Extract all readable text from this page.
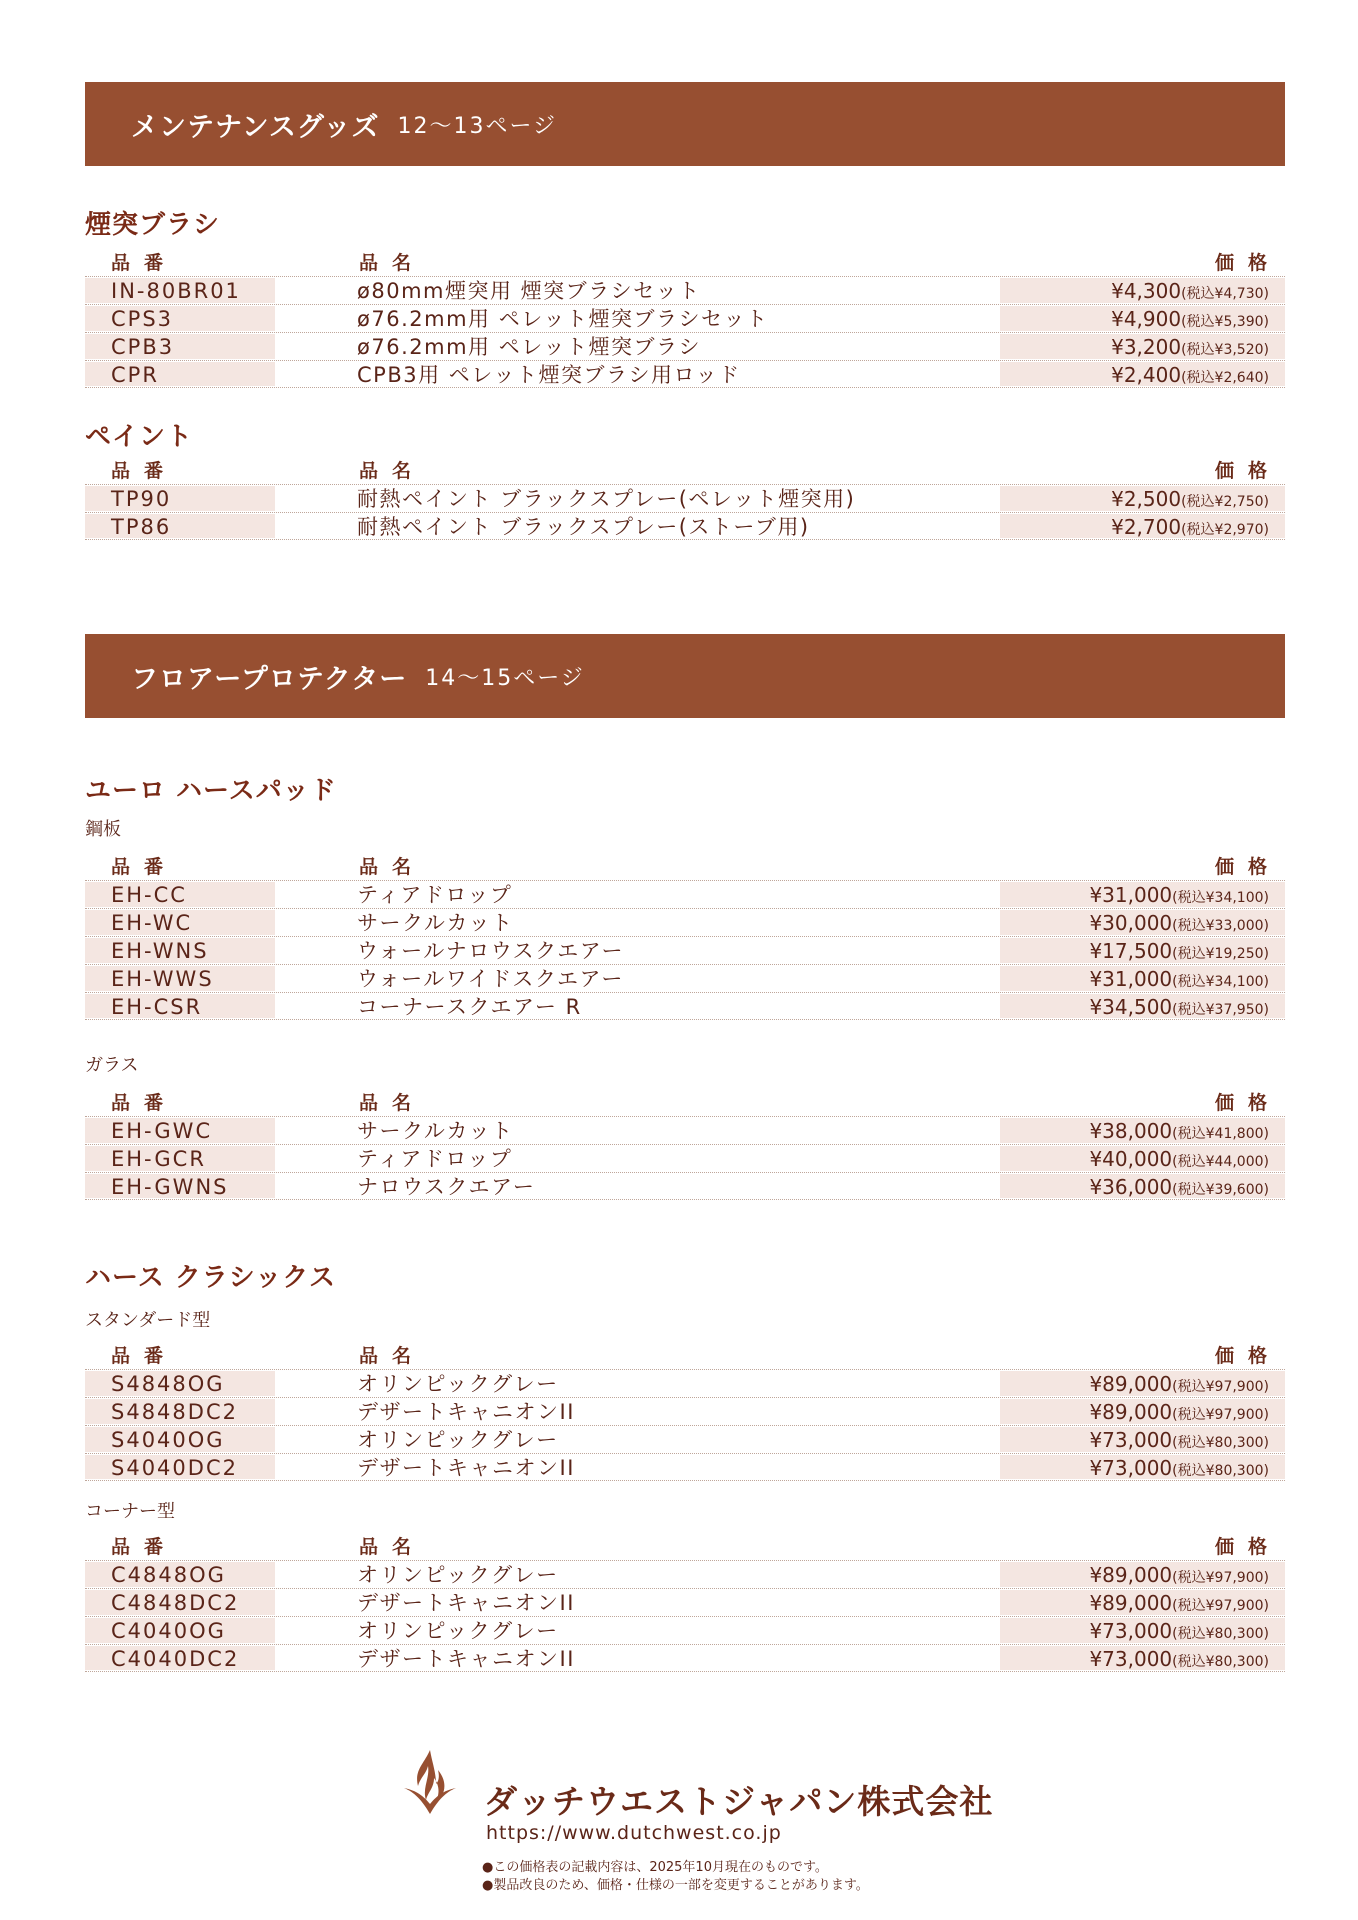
メンテナンスグッズ 12〜13ページ
煙突ブラシ
品番	品名	価格
IN-80BR01	ø80mm煙突用 煙突ブラシセット	¥4,300(税込¥4,730)
CPS3	ø76.2mm用 ペレット煙突ブラシセット	¥4,900(税込¥5,390)
CPB3	ø76.2mm用 ペレット煙突ブラシ	¥3,200(税込¥3,520)
CPR	CPB3用 ペレット煙突ブラシ用ロッド	¥2,400(税込¥2,640)
ペイント
品番	品名	価格
TP90	耐熱ペイント ブラックスプレー(ペレット煙突用)	¥2,500(税込¥2,750)
TP86	耐熱ペイント ブラックスプレー(ストーブ用)	¥2,700(税込¥2,970)
フロアープロテクター 14〜15ページ
ユーロ ハースパッド
鋼板
品番	品名	価格
EH-CC	ティアドロップ	¥31,000(税込¥34,100)
EH-WC	サークルカット	¥30,000(税込¥33,000)
EH-WNS	ウォールナロウスクエアー	¥17,500(税込¥19,250)
EH-WWS	ウォールワイドスクエアー	¥31,000(税込¥34,100)
EH-CSR	コーナースクエアー R	¥34,500(税込¥37,950)
ガラス
品番	品名	価格
EH-GWC	サークルカット	¥38,000(税込¥41,800)
EH-GCR	ティアドロップ	¥40,000(税込¥44,000)
EH-GWNS	ナロウスクエアー	¥36,000(税込¥39,600)
ハース クラシックス
スタンダード型
品番	品名	価格
S4848OG	オリンピックグレー	¥89,000(税込¥97,900)
S4848DC2	デザートキャニオンII	¥89,000(税込¥97,900)
S4040OG	オリンピックグレー	¥73,000(税込¥80,300)
S4040DC2	デザートキャニオンII	¥73,000(税込¥80,300)
コーナー型
品番	品名	価格
C4848OG	オリンピックグレー	¥89,000(税込¥97,900)
C4848DC2	デザートキャニオンII	¥89,000(税込¥97,900)
C4040OG	オリンピックグレー	¥73,000(税込¥80,300)
C4040DC2	デザートキャニオンII	¥73,000(税込¥80,300)
ダッチウエストジャパン株式会社
https://www.dutchwest.co.jp
●この価格表の記載内容は、2025年10月現在のものです。
●製品改良のため、価格・仕様の一部を変更することがあります。
